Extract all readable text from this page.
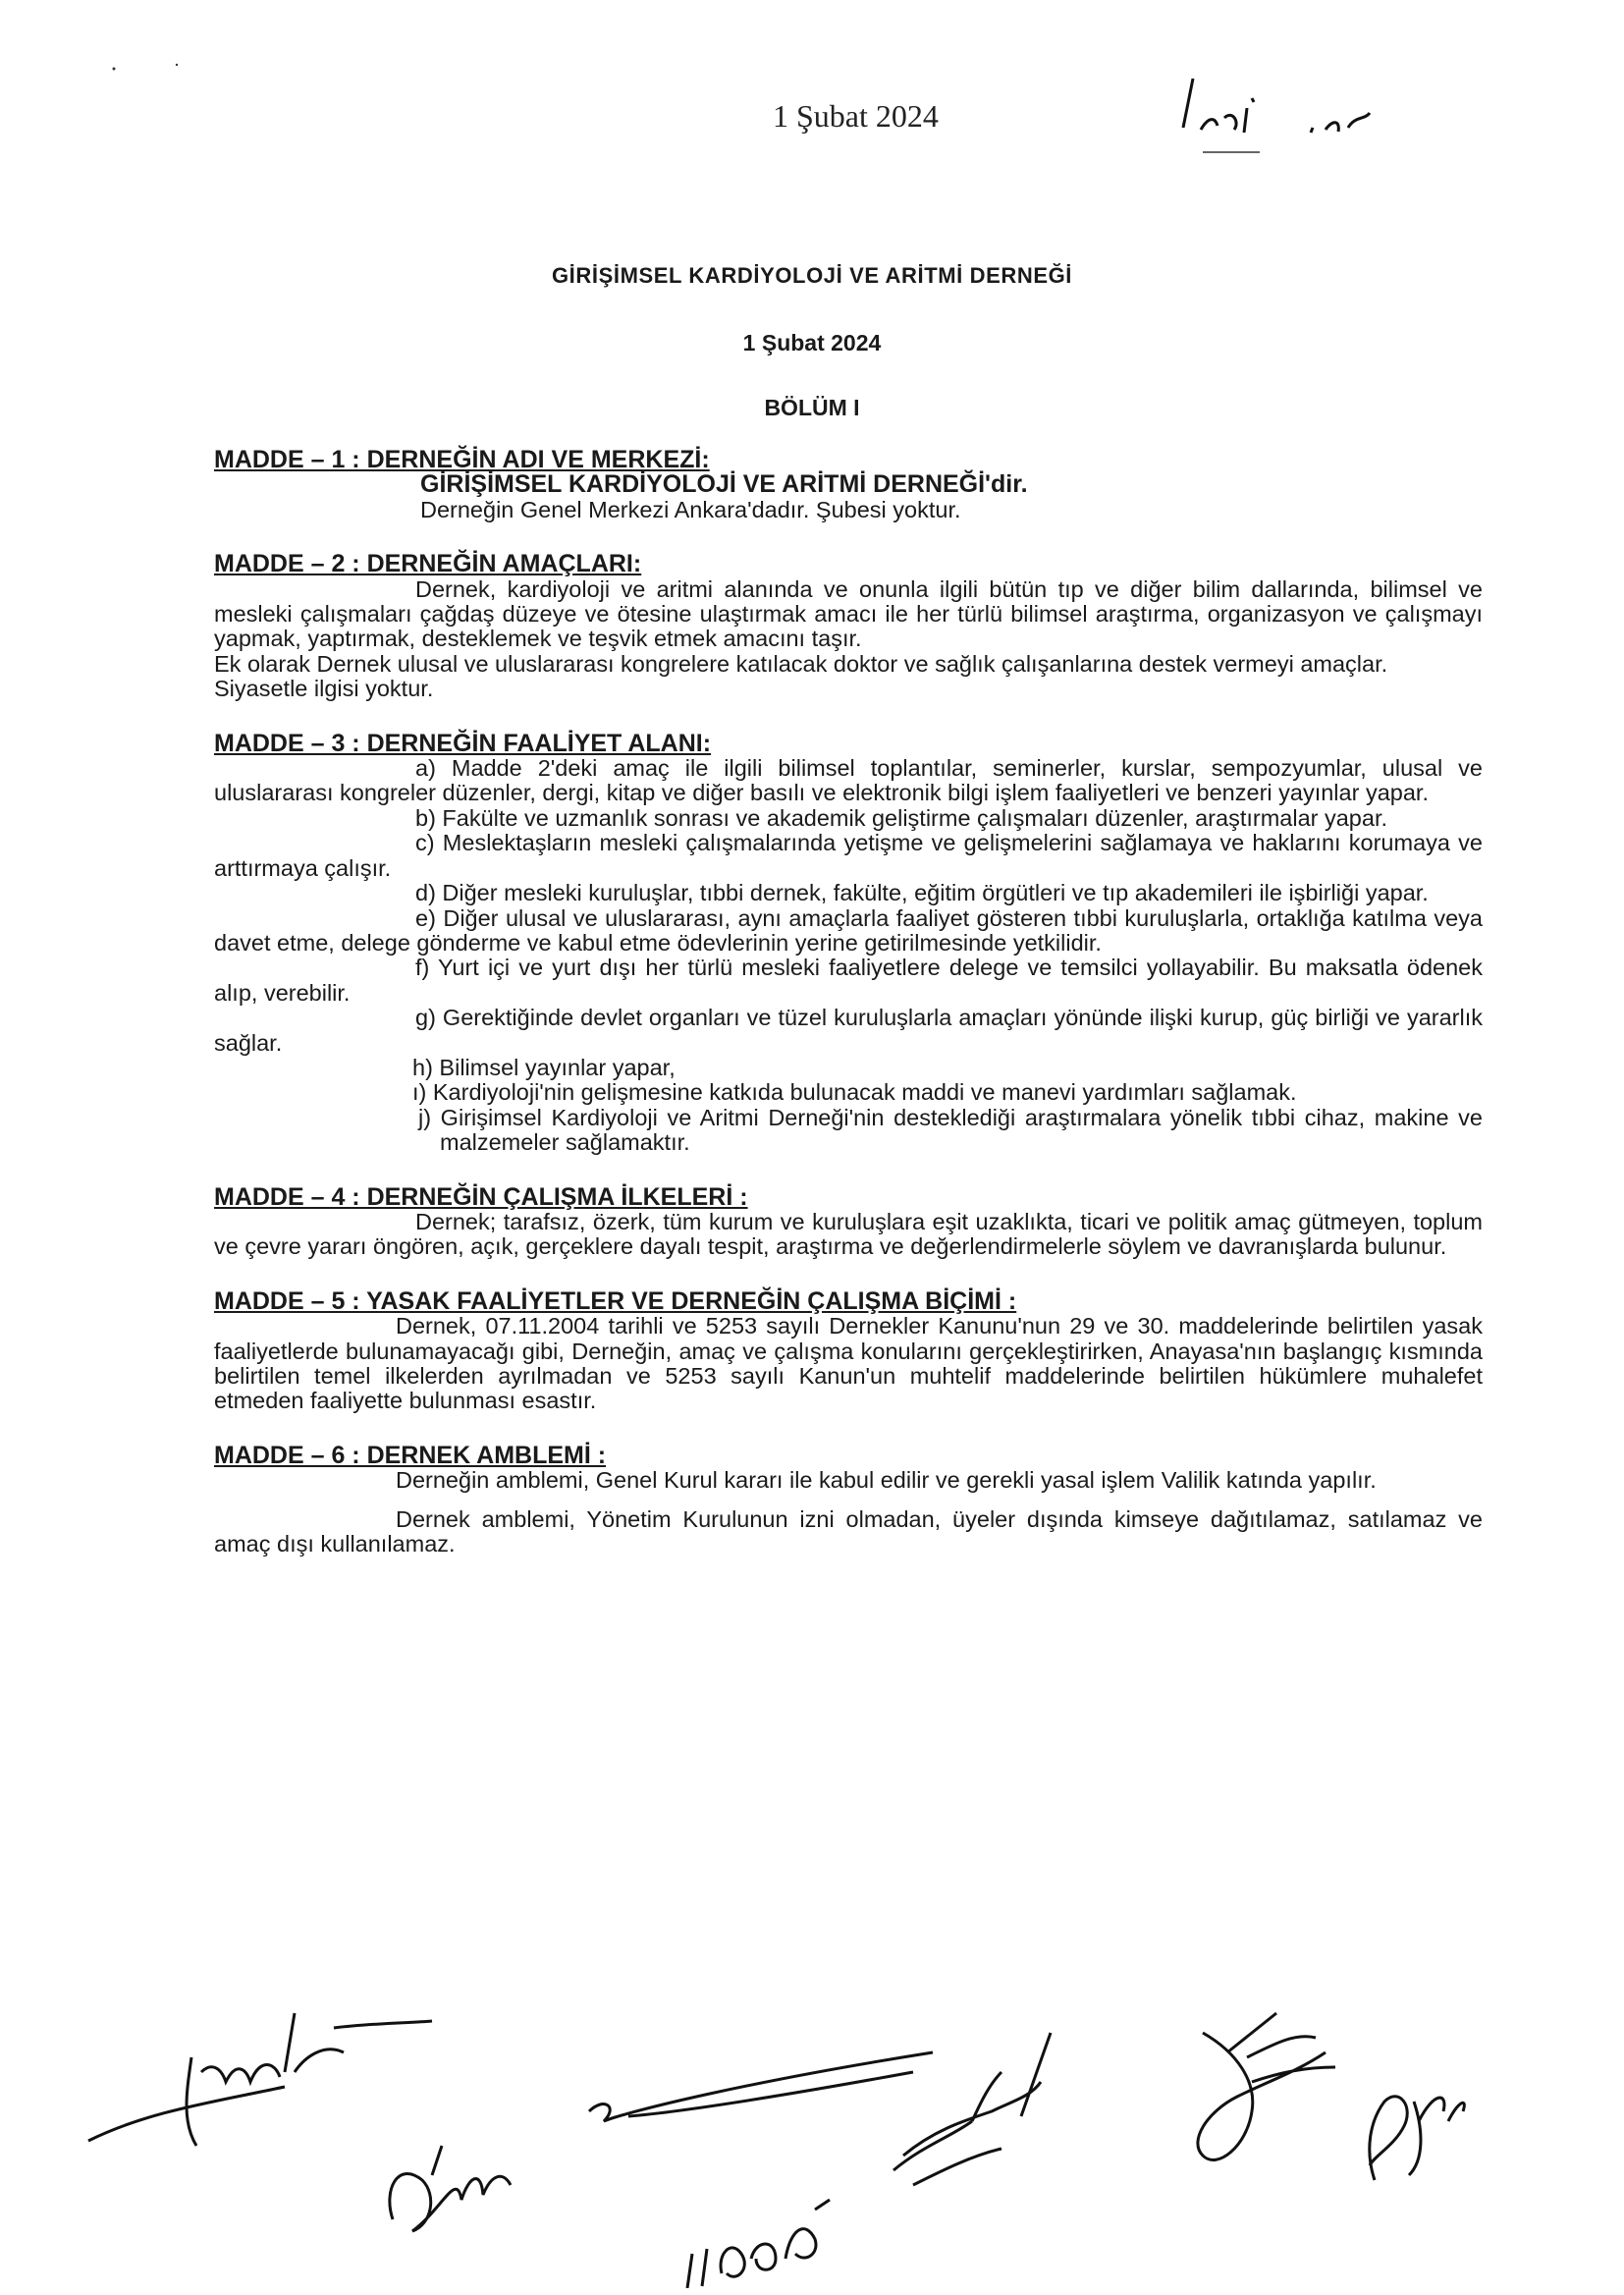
1 Şubat 2024
GİRİŞİMSEL KARDİYOLOJİ VE ARİTMİ DERNEĞİ
1 Şubat 2024
BÖLÜM I
MADDE – 1 : DERNEĞİN ADI VE MERKEZİ:
GİRİŞİMSEL KARDİYOLOJİ VE ARİTMİ DERNEĞİ'dir.
Derneğin Genel Merkezi Ankara'dadır. Şubesi yoktur.
MADDE – 2 : DERNEĞİN AMAÇLARI:

Dernek, kardiyoloji ve aritmi alanında ve onunla ilgili bütün tıp ve diğer bilim dallarında, bilimsel ve mesleki çalışmaları çağdaş düzeye ve ötesine ulaştırmak amacı ile her türlü bilimsel araştırma, organizasyon ve çalışmayı yapmak, yaptırmak, desteklemek ve teşvik etmek amacını taşır.

Ek olarak Dernek ulusal ve uluslararası kongrelere katılacak doktor ve sağlık çalışanlarına destek vermeyi amaçlar.

Siyasetle ilgisi yoktur.

MADDE – 3 : DERNEĞİN FAALİYET ALANI:

a) Madde 2'deki amaç ile ilgili bilimsel toplantılar, seminerler, kurslar, sempozyumlar, ulusal ve uluslararası kongreler düzenler, dergi, kitap ve diğer basılı ve elektronik bilgi işlem faaliyetleri ve benzeri yayınlar yapar.

b) Fakülte ve uzmanlık sonrası ve akademik geliştirme çalışmaları düzenler, araştırmalar yapar.

c) Meslektaşların mesleki çalışmalarında yetişme ve gelişmelerini sağlamaya ve haklarını korumaya ve arttırmaya çalışır.

d) Diğer mesleki kuruluşlar, tıbbi dernek, fakülte, eğitim örgütleri ve tıp akademileri ile işbirliği yapar.

e) Diğer ulusal ve uluslararası, aynı amaçlarla faaliyet gösteren tıbbi kuruluşlarla, ortaklığa katılma veya davet etme, delege gönderme ve kabul etme ödevlerinin yerine getirilmesinde yetkilidir.

f) Yurt içi ve yurt dışı her türlü mesleki faaliyetlere delege ve temsilci yollayabilir. Bu maksatla ödenek alıp, verebilir.

g) Gerektiğinde devlet organları ve tüzel kuruluşlarla amaçları yönünde ilişki kurup, güç birliği ve yararlık sağlar.

h) Bilimsel yayınlar yapar,

ı) Kardiyoloji'nin gelişmesine katkıda bulunacak maddi ve manevi yardımları sağlamak.

j) Girişimsel Kardiyoloji ve Aritmi Derneği'nin desteklediği araştırmalara yönelik tıbbi cihaz, makine ve malzemeler sağlamaktır.

MADDE – 4 : DERNEĞİN ÇALIŞMA İLKELERİ :

Dernek; tarafsız, özerk, tüm kurum ve kuruluşlara eşit uzaklıkta, ticari ve politik amaç gütmeyen, toplum ve çevre yararı öngören, açık, gerçeklere dayalı tespit, araştırma ve değerlendirmelerle söylem ve davranışlarda bulunur.

MADDE – 5 : YASAK FAALİYETLER VE DERNEĞİN ÇALIŞMA BİÇİMİ :

Dernek, 07.11.2004 tarihli ve 5253 sayılı Dernekler Kanunu'nun 29 ve 30. maddelerinde belirtilen yasak faaliyetlerde bulunamayacağı gibi, Derneğin, amaç ve çalışma konularını gerçekleştirirken, Anayasa'nın başlangıç kısmında belirtilen temel ilkelerden ayrılmadan ve 5253 sayılı Kanun'un muhtelif maddelerinde belirtilen hükümlere muhalefet etmeden faaliyette bulunması esastır.

MADDE – 6 : DERNEK AMBLEMİ :

Derneğin amblemi, Genel Kurul kararı ile kabul edilir ve gerekli yasal işlem Valilik katında yapılır.

Dernek amblemi, Yönetim Kurulunun izni olmadan, üyeler dışında kimseye dağıtılamaz, satılamaz ve amaç dışı kullanılamaz.
